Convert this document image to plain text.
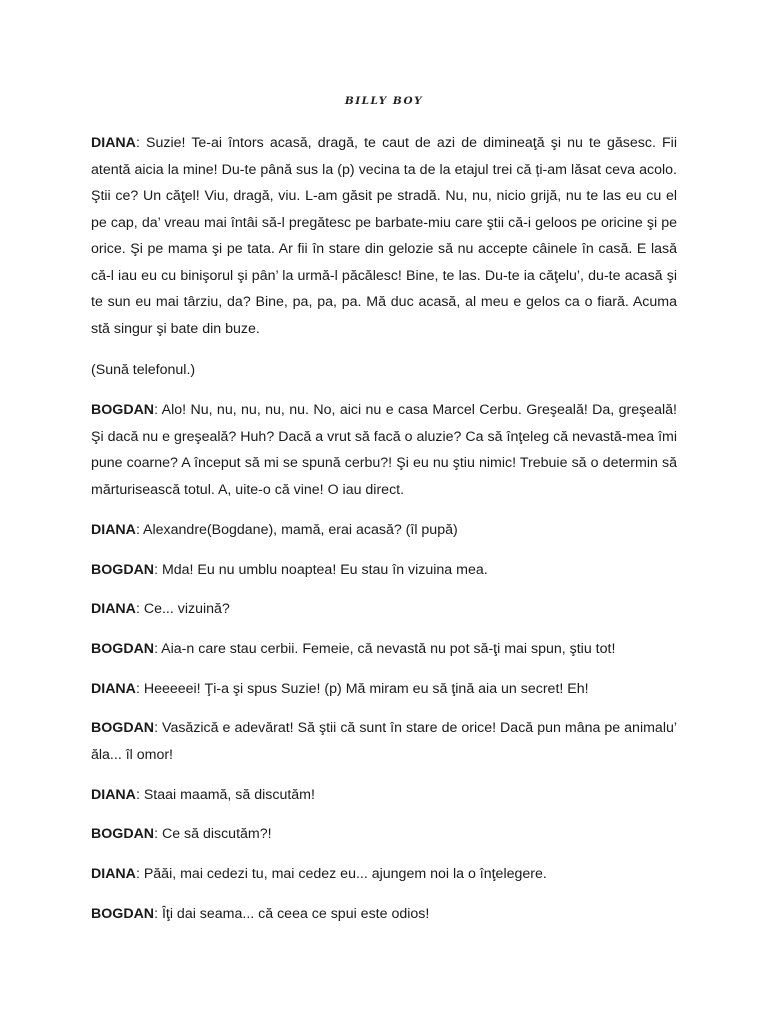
BILLY BOY

DIANA: Suzie! Te-ai întors acasă, dragă, te caut de azi de dimineaţă şi nu te găsesc. Fii atentă aicia la mine! Du-te până sus la (p) vecina ta de la etajul trei că ți-am lăsat ceva acolo. Ştii ce? Un căţel! Viu, dragă, viu. L-am găsit pe stradă. Nu, nu, nicio grijă, nu te las eu cu el pe cap, da’ vreau mai întâi să-l pregătesc pe barbate-miu care ştii că-i geloos pe oricine şi pe orice. Şi pe mama şi pe tata. Ar fii în stare din gelozie să nu accepte câinele în casă. E lasă că-l iau eu cu binişorul şi pân’ la urmă-l păcălesc! Bine, te las. Du-te ia căţelu’, du-te acasă şi te sun eu mai târziu, da? Bine, pa, pa, pa. Mă duc acasă, al meu e gelos ca o fiară. Acuma stă singur şi bate din buze.

(Sună telefonul.)

BOGDAN: Alo! Nu, nu, nu, nu, nu. No, aici nu e casa Marcel Cerbu. Greşeală! Da, greşeală! Şi dacă nu e greşeală? Huh? Dacă a vrut să facă o aluzie? Ca să înţeleg că nevastă-mea îmi pune coarne? A început să mi se spună cerbu?! Şi eu nu ştiu nimic! Trebuie să o determin să mărturisească totul. A, uite-o că vine! O iau direct.

DIANA: Alexandre(Bogdane), mamă, erai acasă? (îl pupă)

BOGDAN: Mda! Eu nu umblu noaptea! Eu stau în vizuina mea.

DIANA: Ce... vizuină?

BOGDAN: Aia-n care stau cerbii. Femeie, că nevastă nu pot să-ţi mai spun, ştiu tot!

DIANA: Heeeeei! Ţi-a şi spus Suzie! (p) Mă miram eu să ţină aia un secret! Eh!

BOGDAN: Vasăzică e adevărat! Să ştii că sunt în stare de orice! Dacă pun mâna pe animalu’ ăla... îl omor!

DIANA: Staai maamă, să discutăm!

BOGDAN: Ce să discutăm?!

DIANA: Păăi, mai cedezi tu, mai cedez eu... ajungem noi la o înţelegere.

BOGDAN: Îţi dai seama... că ceea ce spui este odios!
